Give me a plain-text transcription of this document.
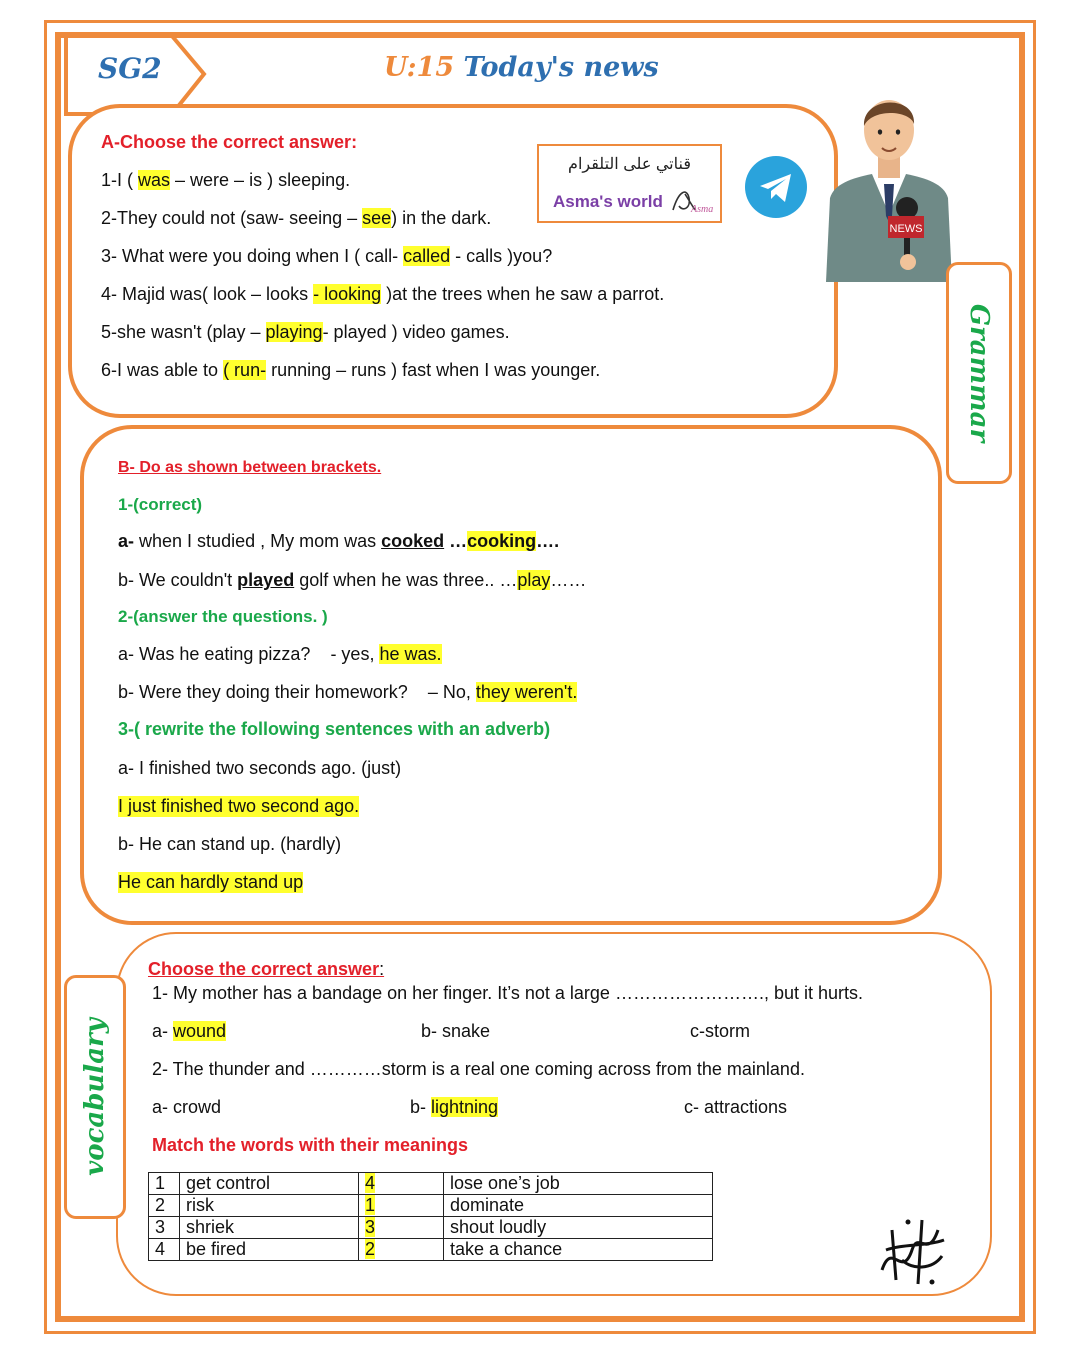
SG2	U:15 Today's news
A-Choose the correct answer:
1-I ( was – were – is ) sleeping.
2-They could not (saw- seeing – see) in the dark.
3- What were you doing when I ( call- called - calls )you?
4- Majid was( look – looks - looking )at the trees when he saw a parrot.
5-she wasn't (play – playing- played ) video games.
6-I was able to ( run- running – runs ) fast when I was younger.
قناتي على التلقرام
Asma's world	Asma
NEWS
Grammar
B- Do as shown between brackets.
1-(correct)
a- when I studied , My mom was cooked …cooking….
b- We couldn't played golf when he was three.. …play……
2-(answer the questions. )
a- Was he eating pizza?    - yes, he was.
b- Were they doing their homework?    – No, they weren't.
3-( rewrite the following sentences with an adverb)
a- I finished two seconds ago. (just)
I just finished two second ago.
b- He can stand up. (hardly)
He can hardly stand up
vocabulary
Choose the correct answer:
1- My mother has a bandage on her finger. It’s not a large ……………………., but it hurts.
a- wound	b- snake	c-storm
2- The thunder and …………storm is a real one coming across from the mainland.
a- crowd	b- lightning	c- attractions
Match the words with their meanings
1	get control	4	lose one’s job
2	risk	1	dominate
3	shriek	3	shout loudly
4	be fired	2	take a chance
